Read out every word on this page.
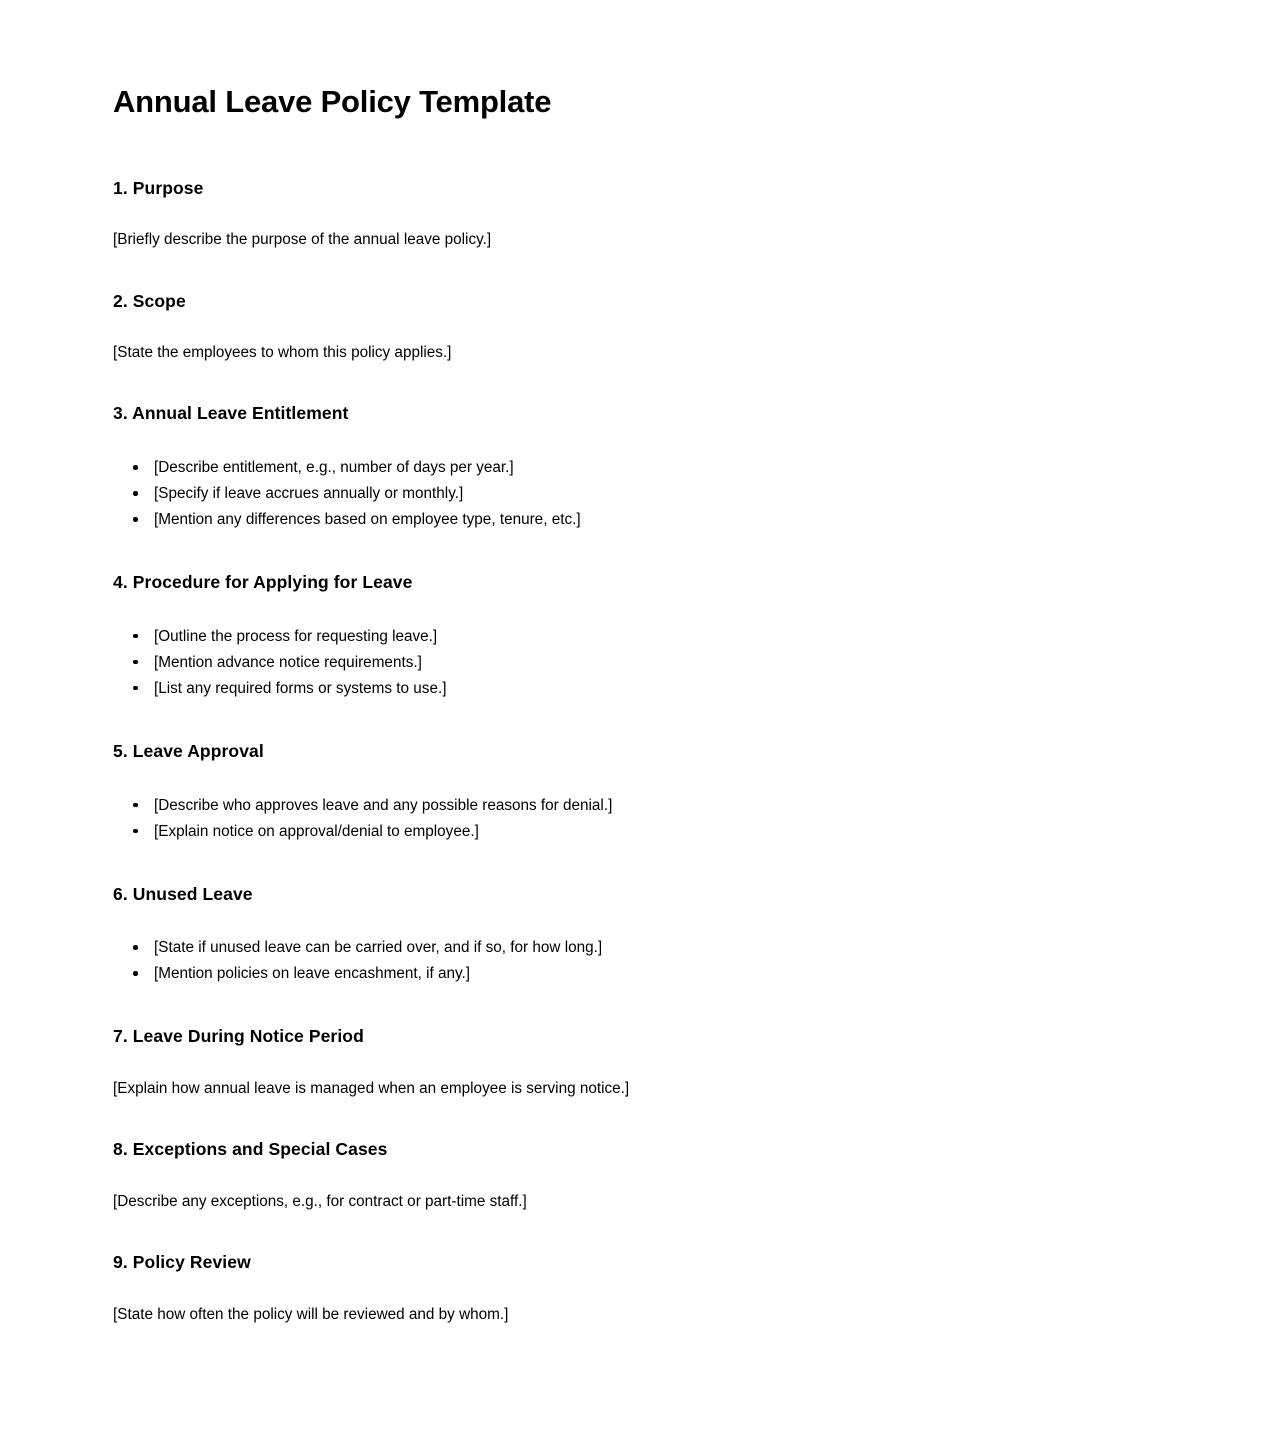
Annual Leave Policy Template
1. Purpose

[Briefly describe the purpose of the annual leave policy.]

2. Scope

[State the employees to whom this policy applies.]

3. Annual Leave Entitlement
[Describe entitlement, e.g., number of days per year.]
[Specify if leave accrues annually or monthly.]
[Mention any differences based on employee type, tenure, etc.]
4. Procedure for Applying for Leave
[Outline the process for requesting leave.]
[Mention advance notice requirements.]
[List any required forms or systems to use.]
5. Leave Approval
[Describe who approves leave and any possible reasons for denial.]
[Explain notice on approval/denial to employee.]
6. Unused Leave
[State if unused leave can be carried over, and if so, for how long.]
[Mention policies on leave encashment, if any.]
7. Leave During Notice Period

[Explain how annual leave is managed when an employee is serving notice.]

8. Exceptions and Special Cases

[Describe any exceptions, e.g., for contract or part-time staff.]

9. Policy Review

[State how often the policy will be reviewed and by whom.]
